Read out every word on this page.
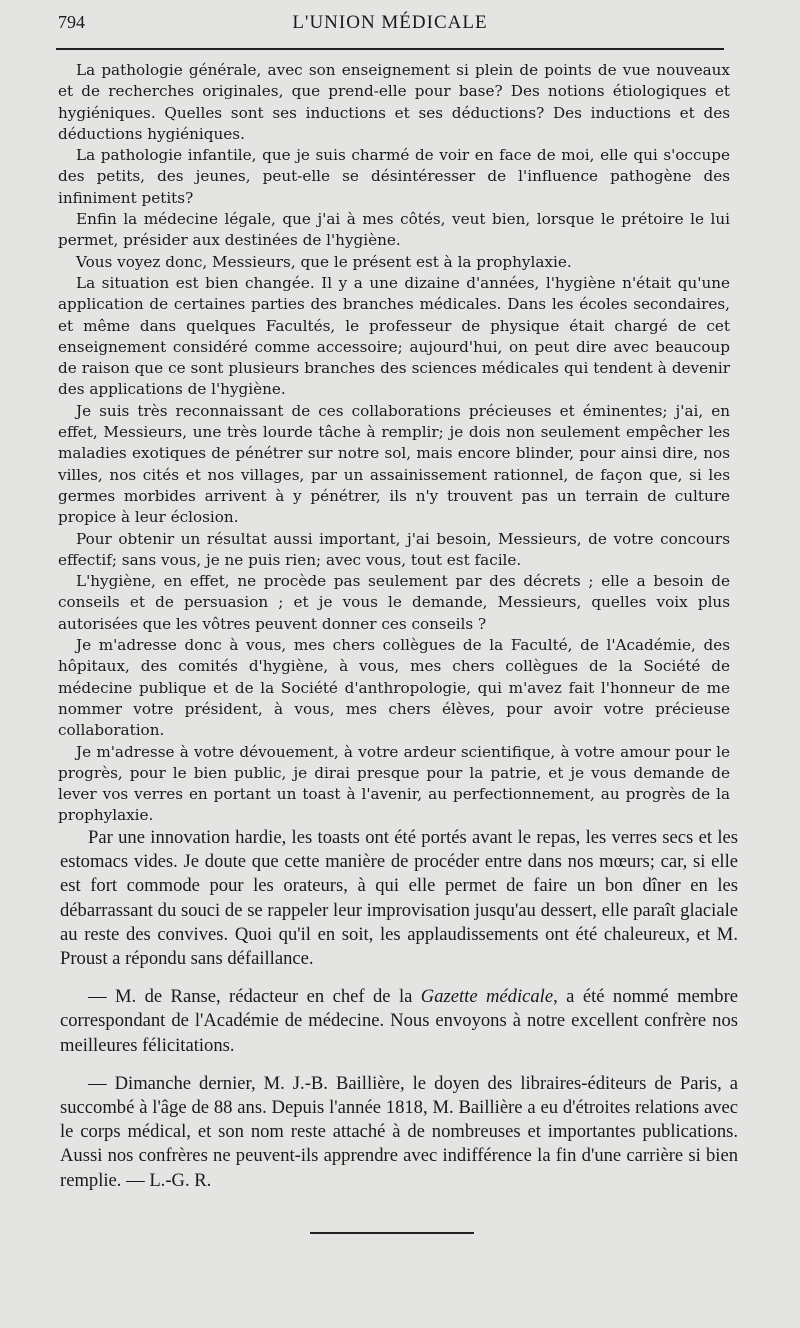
794	L'UNION MÉDICALE

La pathologie générale, avec son enseignement si plein de points de vue nouveaux et de recherches originales, que prend-elle pour base? Des notions étiologiques et hygiéniques. Quelles sont ses inductions et ses déductions? Des inductions et des déductions hygiéniques.

La pathologie infantile, que je suis charmé de voir en face de moi, elle qui s'occupe des petits, des jeunes, peut-elle se désintéresser de l'influence pathogène des infiniment petits?

Enfin la médecine légale, que j'ai à mes côtés, veut bien, lorsque le prétoire le lui permet, présider aux destinées de l'hygiène.

Vous voyez donc, Messieurs, que le présent est à la prophylaxie.

La situation est bien changée. Il y a une dizaine d'années, l'hygiène n'était qu'une application de certaines parties des branches médicales. Dans les écoles secondaires, et même dans quelques Facultés, le professeur de physique était chargé de cet enseignement considéré comme accessoire; aujourd'hui, on peut dire avec beaucoup de raison que ce sont plusieurs branches des sciences médicales qui tendent à devenir des applications de l'hygiène.

Je suis très reconnaissant de ces collaborations précieuses et éminentes; j'ai, en effet, Messieurs, une très lourde tâche à remplir; je dois non seulement empêcher les maladies exotiques de pénétrer sur notre sol, mais encore blinder, pour ainsi dire, nos villes, nos cités et nos villages, par un assainissement rationnel, de façon que, si les germes morbides arrivent à y pénétrer, ils n'y trouvent pas un terrain de culture propice à leur éclosion.

Pour obtenir un résultat aussi important, j'ai besoin, Messieurs, de votre concours effectif; sans vous, je ne puis rien; avec vous, tout est facile.

L'hygiène, en effet, ne procède pas seulement par des décrets ; elle a besoin de conseils et de persuasion ; et je vous le demande, Messieurs, quelles voix plus autorisées que les vôtres peuvent donner ces conseils ?

Je m'adresse donc à vous, mes chers collègues de la Faculté, de l'Académie, des hôpitaux, des comités d'hygiène, à vous, mes chers collègues de la Société de médecine publique et de la Société d'anthropologie, qui m'avez fait l'honneur de me nommer votre président, à vous, mes chers élèves, pour avoir votre précieuse collaboration.

Je m'adresse à votre dévouement, à votre ardeur scientifique, à votre amour pour le progrès, pour le bien public, je dirai presque pour la patrie, et je vous demande de lever vos verres en portant un toast à l'avenir, au perfectionnement, au progrès de la prophylaxie.

Par une innovation hardie, les toasts ont été portés avant le repas, les verres secs et les estomacs vides. Je doute que cette manière de procéder entre dans nos mœurs; car, si elle est fort commode pour les orateurs, à qui elle permet de faire un bon dîner en les débarrassant du souci de se rappeler leur improvisation jusqu'au dessert, elle paraît glaciale au reste des convives. Quoi qu'il en soit, les applaudissements ont été chaleureux, et M. Proust a répondu sans défaillance.

— M. de Ranse, rédacteur en chef de la Gazette médicale, a été nommé membre correspondant de l'Académie de médecine. Nous envoyons à notre excellent confrère nos meilleures félicitations.

— Dimanche dernier, M. J.-B. Baillière, le doyen des libraires-éditeurs de Paris, a succombé à l'âge de 88 ans. Depuis l'année 1818, M. Baillière a eu d'étroites relations avec le corps médical, et son nom reste attaché à de nombreuses et importantes publications. Aussi nos confrères ne peuvent-ils apprendre avec indifférence la fin d'une carrière si bien remplie. — L.-G. R.
